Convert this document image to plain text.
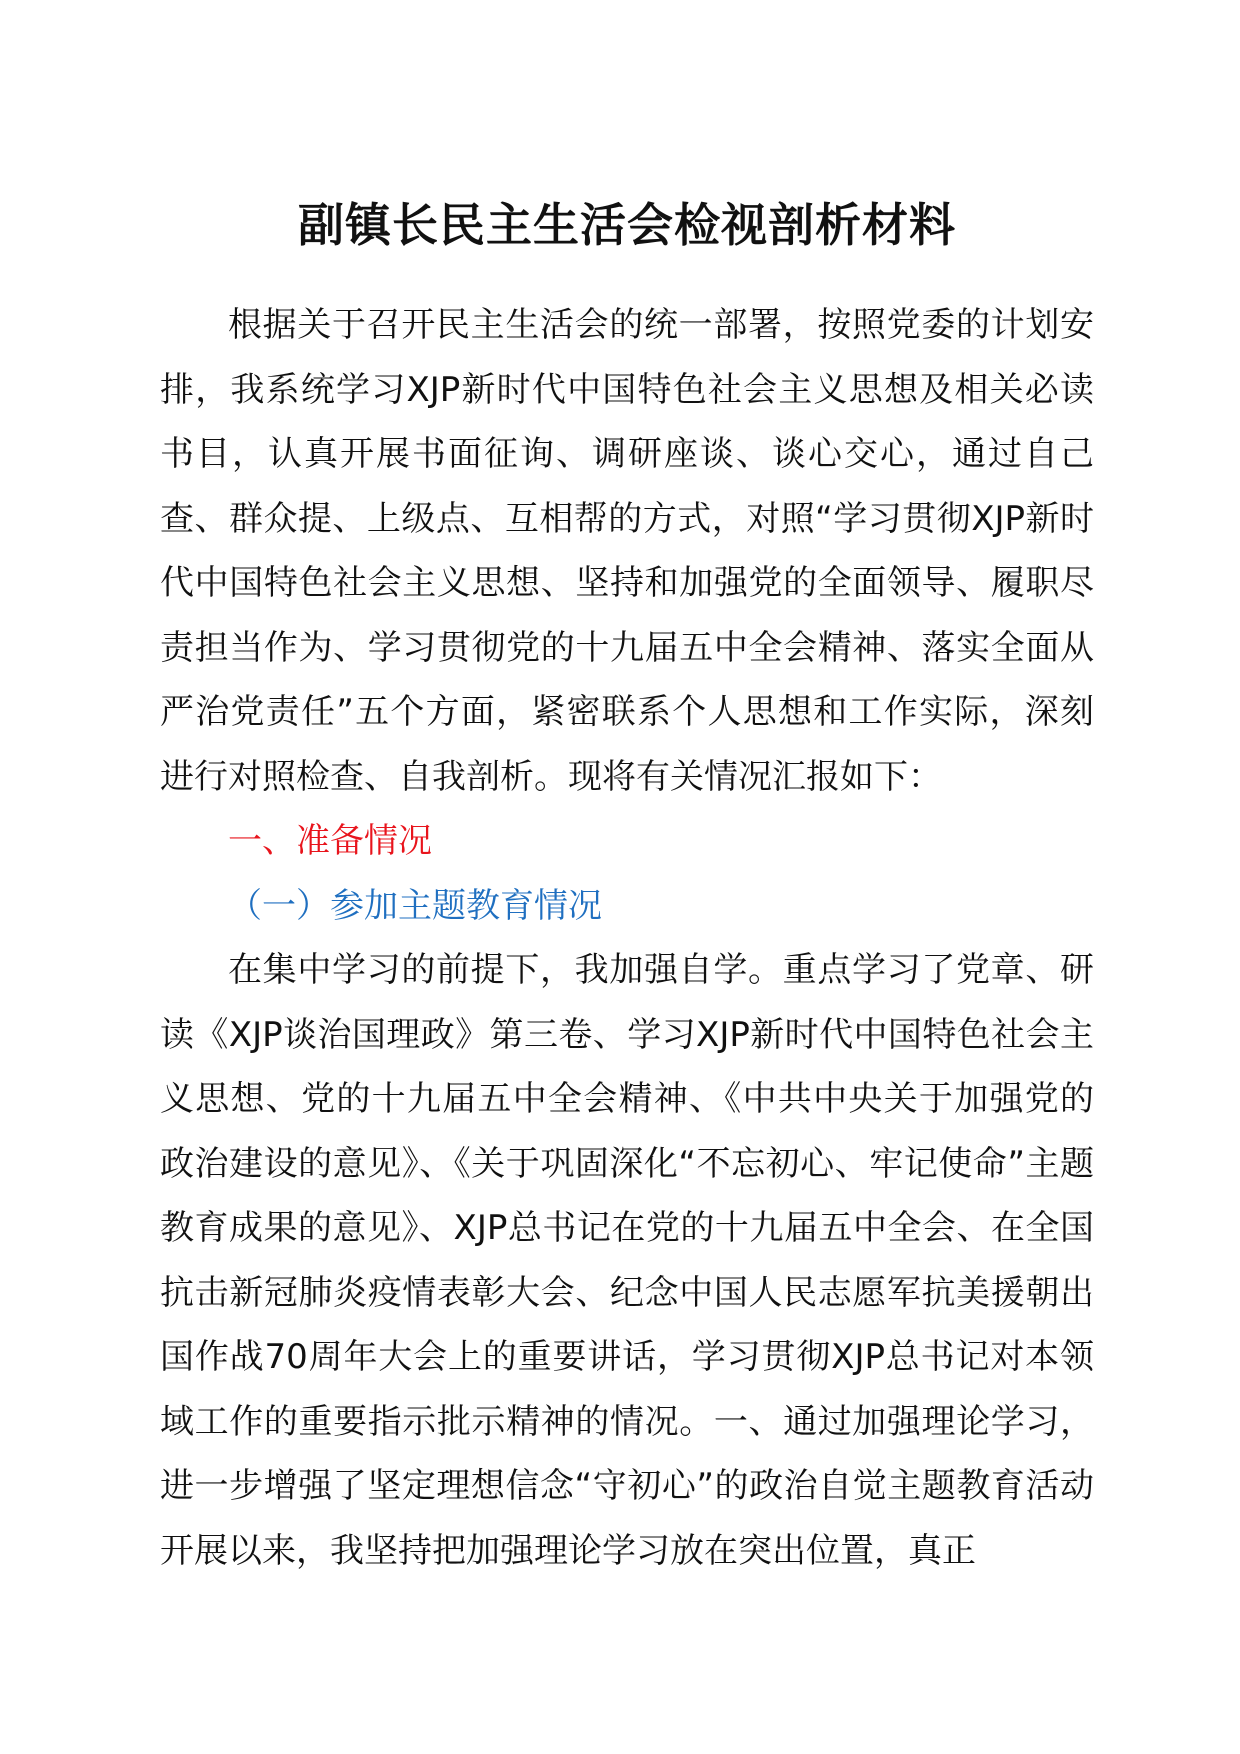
副镇长民主生活会检视剖析材料

根据关于召开民主生活会的统一部署，按照党委的计划安排，我系统学习XJP新时代中国特色社会主义思想及相关必读书目，认真开展书面征询、调研座谈、谈心交心，通过自己查、群众提、上级点、互相帮的方式，对照“学习贯彻XJP新时代中国特色社会主义思想、坚持和加强党的全面领导、履职尽责担当作为、学习贯彻党的十九届五中全会精神、落实全面从严治党责任”五个方面，紧密联系个人思想和工作实际，深刻进行对照检查、自我剖析。现将有关情况汇报如下：

一、准备情况
（一）参加主题教育情况

在集中学习的前提下，我加强自学。重点学习了党章、研读《XJP谈治国理政》第三卷、学习XJP新时代中国特色社会主义思想、党的十九届五中全会精神、《中共中央关于加强党的政治建设的意见》、《关于巩固深化“不忘初心、牢记使命”主题教育成果的意见》、XJP总书记在党的十九届五中全会、在全国抗击新冠肺炎疫情表彰大会、纪念中国人民志愿军抗美援朝出国作战70周年大会上的重要讲话，学习贯彻XJP总书记对本领域工作的重要指示批示精神的情况。一、通过加强理论学习，进一步增强了坚定理想信念“守初心”的政治自觉主题教育活动开展以来，我坚持把加强理论学习放在突出位置，真正
